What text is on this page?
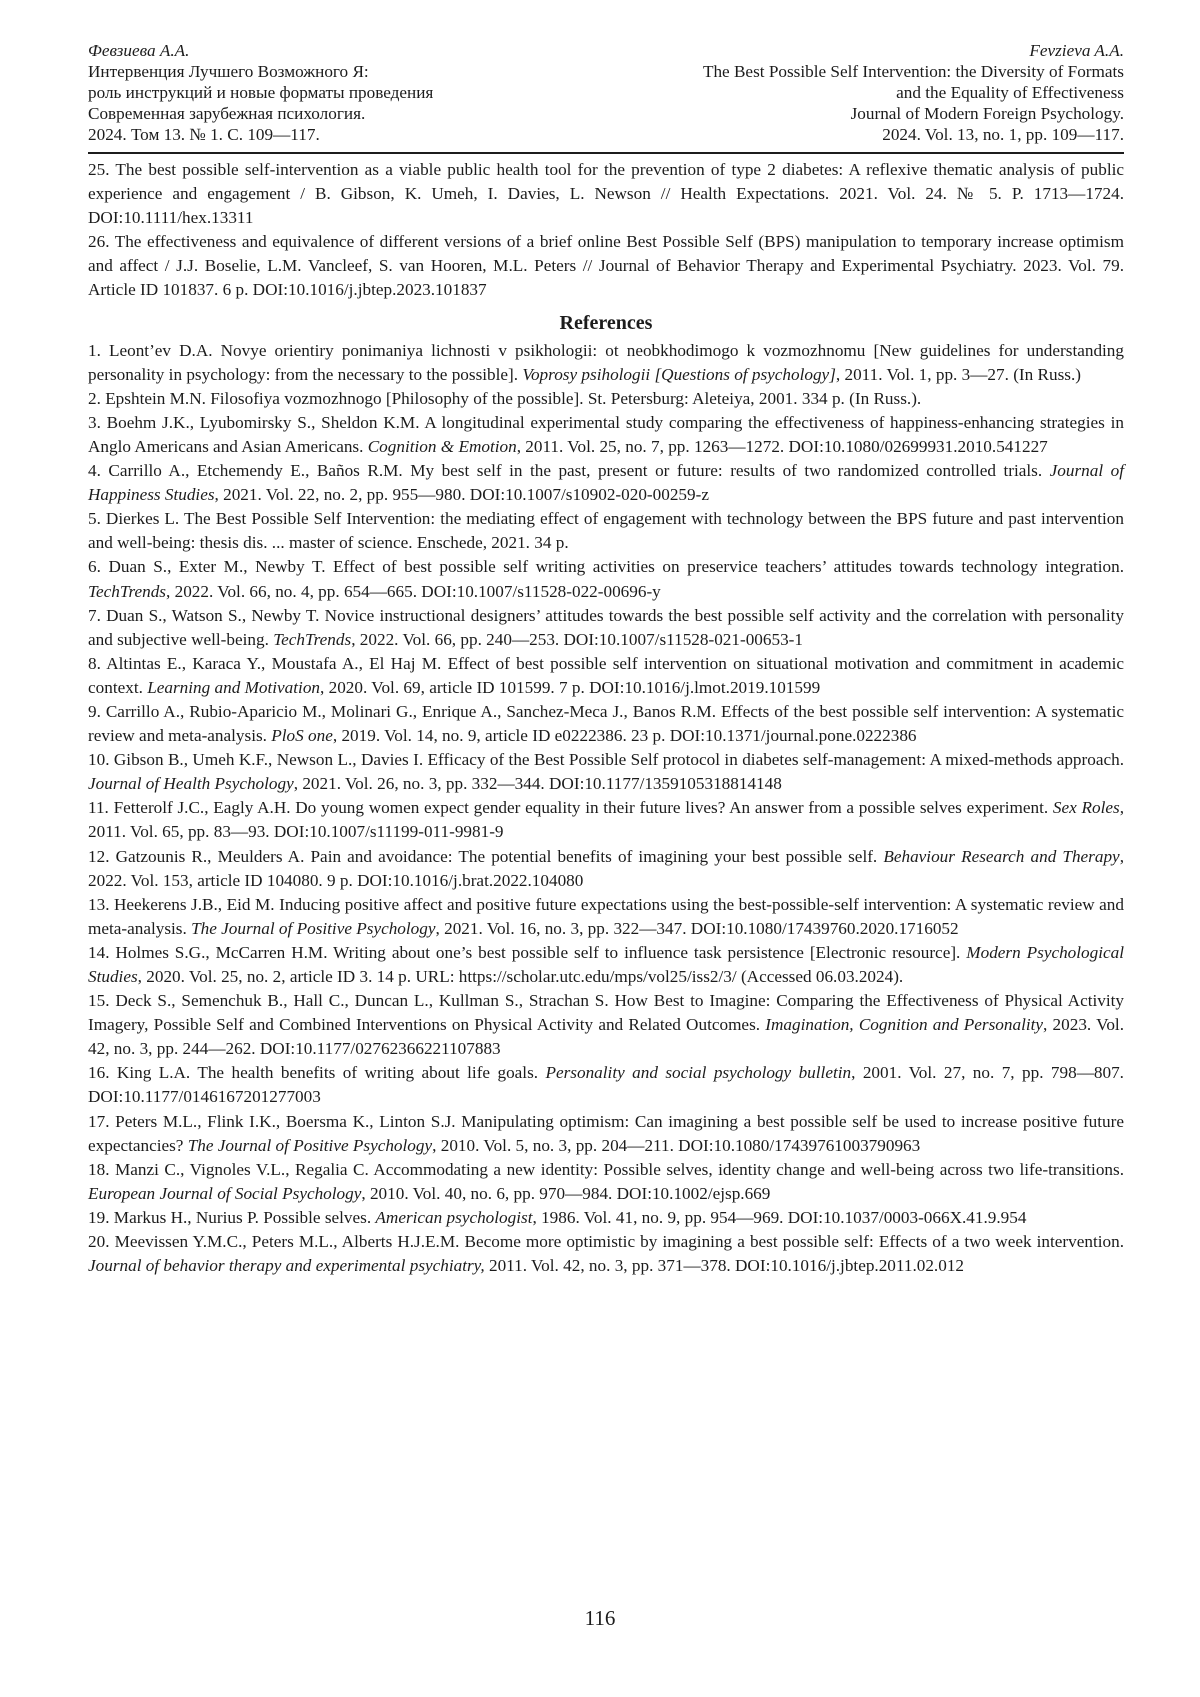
Февзиева А.А.
Интервенция Лучшего Возможного Я:
роль инструкций и новые форматы проведения
Современная зарубежная психология.
2024. Том 13. № 1. С. 109—117.
Fevzieva A.A.
The Best Possible Self Intervention: the Diversity of Formats
and the Equality of Effectiveness
Journal of Modern Foreign Psychology.
2024. Vol. 13, no. 1, pp. 109—117.

25. The best possible self-intervention as a viable public health tool for the prevention of type 2 diabetes: A reflexive thematic analysis of public experience and engagement / B. Gibson, K. Umeh, I. Davies, L. Newson // Health Expectations. 2021. Vol. 24. № 5. P. 1713—1724. DOI:10.1111/hex.13311

26. The effectiveness and equivalence of different versions of a brief online Best Possible Self (BPS) manipulation to temporary increase optimism and affect / J.J. Boselie, L.M. Vancleef, S. van Hooren, M.L. Peters // Journal of Behavior Therapy and Experimental Psychiatry. 2023. Vol. 79. Article ID 101837. 6 p. DOI:10.1016/j.jbtep.2023.101837

References

1. Leont’ev D.A. Novye orientiry ponimaniya lichnosti v psikhologii: ot neobkhodimogo k vozmozhnomu [New guidelines for understanding personality in psychology: from the necessary to the possible]. Voprosy psihologii [Questions of psychology], 2011. Vol. 1, pp. 3—27. (In Russ.)

2. Epshtein M.N. Filosofiya vozmozhnogo [Philosophy of the possible]. St. Petersburg: Aleteiya, 2001. 334 p. (In Russ.).

3. Boehm J.K., Lyubomirsky S., Sheldon K.M. A longitudinal experimental study comparing the effectiveness of happiness-enhancing strategies in Anglo Americans and Asian Americans. Cognition & Emotion, 2011. Vol. 25, no. 7, pp. 1263—1272. DOI:10.1080/02699931.2010.541227

4. Carrillo A., Etchemendy E., Baños R.M. My best self in the past, present or future: results of two randomized controlled trials. Journal of Happiness Studies, 2021. Vol. 22, no. 2, pp. 955—980. DOI:10.1007/s10902-020-00259-z

5. Dierkes L. The Best Possible Self Intervention: the mediating effect of engagement with technology between the BPS future and past intervention and well-being: thesis dis. ... master of science. Enschede, 2021. 34 p.

6. Duan S., Exter M., Newby T. Effect of best possible self writing activities on preservice teachers’ attitudes towards technology integration. TechTrends, 2022. Vol. 66, no. 4, pp. 654—665. DOI:10.1007/s11528-022-00696-y

7. Duan S., Watson S., Newby T. Novice instructional designers’ attitudes towards the best possible self activity and the correlation with personality and subjective well-being. TechTrends, 2022. Vol. 66, pp. 240—253. DOI:10.1007/s11528-021-00653-1

8. Altintas E., Karaca Y., Moustafa A., El Haj M. Effect of best possible self intervention on situational motivation and commitment in academic context. Learning and Motivation, 2020. Vol. 69, article ID 101599. 7 p. DOI:10.1016/j.lmot.2019.101599

9. Carrillo A., Rubio-Aparicio M., Molinari G., Enrique A., Sanchez-Meca J., Banos R.M. Effects of the best possible self intervention: A systematic review and meta-analysis. PloS one, 2019. Vol. 14, no. 9, article ID e0222386. 23 p. DOI:10.1371/journal.pone.0222386

10. Gibson B., Umeh K.F., Newson L., Davies I. Efficacy of the Best Possible Self protocol in diabetes self-management: A mixed-methods approach. Journal of Health Psychology, 2021. Vol. 26, no. 3, pp. 332—344. DOI:10.1177/1359105318814148

11. Fetterolf J.C., Eagly A.H. Do young women expect gender equality in their future lives? An answer from a possible selves experiment. Sex Roles, 2011. Vol. 65, pp. 83—93. DOI:10.1007/s11199-011-9981-9

12. Gatzounis R., Meulders A. Pain and avoidance: The potential benefits of imagining your best possible self. Behaviour Research and Therapy, 2022. Vol. 153, article ID 104080. 9 p. DOI:10.1016/j.brat.2022.104080

13. Heekerens J.B., Eid M. Inducing positive affect and positive future expectations using the best-possible-self intervention: A systematic review and meta-analysis. The Journal of Positive Psychology, 2021. Vol. 16, no. 3, pp. 322—347. DOI:10.1080/17439760.2020.1716052

14. Holmes S.G., McCarren H.M. Writing about one’s best possible self to influence task persistence [Electronic resource]. Modern Psychological Studies, 2020. Vol. 25, no. 2, article ID 3. 14 p. URL: https://scholar.utc.edu/mps/vol25/iss2/3/ (Accessed 06.03.2024).

15. Deck S., Semenchuk B., Hall C., Duncan L., Kullman S., Strachan S. How Best to Imagine: Comparing the Effectiveness of Physical Activity Imagery, Possible Self and Combined Interventions on Physical Activity and Related Outcomes. Imagination, Cognition and Personality, 2023. Vol. 42, no. 3, pp. 244—262. DOI:10.1177/02762366221107883

16. King L.A. The health benefits of writing about life goals. Personality and social psychology bulletin, 2001. Vol. 27, no. 7, pp. 798—807. DOI:10.1177/0146167201277003

17. Peters M.L., Flink I.K., Boersma K., Linton S.J. Manipulating optimism: Can imagining a best possible self be used to increase positive future expectancies? The Journal of Positive Psychology, 2010. Vol. 5, no. 3, pp. 204—211. DOI:10.1080/17439761003790963

18. Manzi C., Vignoles V.L., Regalia C. Accommodating a new identity: Possible selves, identity change and well-being across two life-transitions. European Journal of Social Psychology, 2010. Vol. 40, no. 6, pp. 970—984. DOI:10.1002/ejsp.669

19. Markus H., Nurius P. Possible selves. American psychologist, 1986. Vol. 41, no. 9, pp. 954—969. DOI:10.1037/0003-066X.41.9.954

20. Meevissen Y.M.C., Peters M.L., Alberts H.J.E.M. Become more optimistic by imagining a best possible self: Effects of a two week intervention. Journal of behavior therapy and experimental psychiatry, 2011. Vol. 42, no. 3, pp. 371—378. DOI:10.1016/j.jbtep.2011.02.012

116
